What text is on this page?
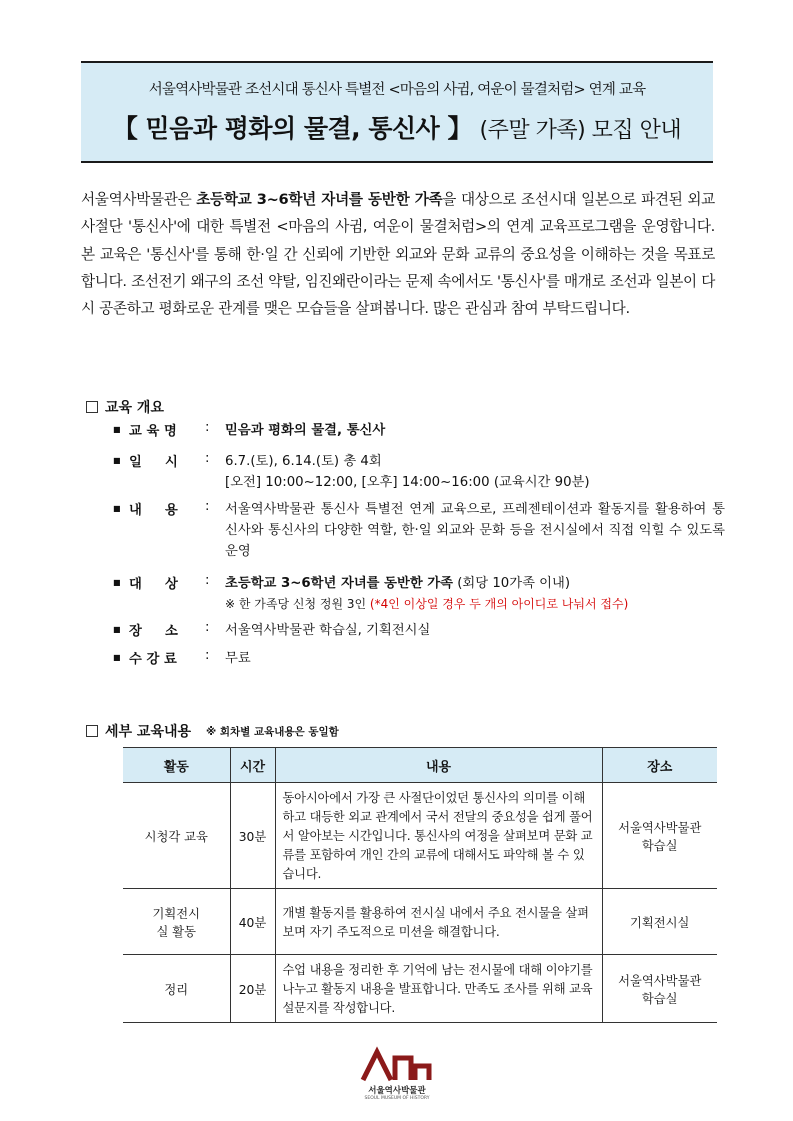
서울역사박물관 조선시대 통신사 특별전 <마음의 사귐, 여운이 물결처럼> 연계 교육
【 믿음과 평화의 물결, 통신사 】 (주말 가족) 모집 안내
서울역사박물관은 초등학교 3~6학년 자녀를 동반한 가족을 대상으로 조선시대 일본으로 파견된 외교 사절단 '통신사'에 대한 특별전 <마음의 사귐, 여운이 물결처럼>의 연계 교육프로그램을 운영합니다. 본 교육은 '통신사'를 통해 한·일 간 신뢰에 기반한 외교와 문화 교류의 중요성을 이해하는 것을 목표로 합니다. 조선전기 왜구의 조선 약탈, 임진왜란이라는 문제 속에서도 '통신사'를 매개로 조선과 일본이 다시 공존하고 평화로운 관계를 맺은 모습들을 살펴봅니다. 많은 관심과 참여 부탁드립니다.
교육 개요
■ 교 육 명	:	믿음과 평화의 물결, 통신사
■ 일     시	:	6.7.(토), 6.14.(토) 총 4회
[오전] 10:00~12:00, [오후] 14:00~16:00 (교육시간 90분)
■ 내     용	:	서울역사박물관 통신사 특별전 연계 교육으로, 프레젠테이션과 활동지를 활용하여 통신사와 통신사의 다양한 역할, 한·일 외교와 문화 등을 전시실에서 직접 익힐 수 있도록 운영
■ 대     상	:	초등학교 3~6학년 자녀를 동반한 가족 (회당 10가족 이내)
※ 한 가족당 신청 정원 3인 (*4인 이상일 경우 두 개의 아이디로 나눠서 접수)
■ 장     소	:	서울역사박물관 학습실, 기획전시실
■ 수 강 료	:	무료
세부 교육내용 ※ 회차별 교육내용은 동일함
활동	시간	내용	장소
시청각 교육	30분	동아시아에서 가장 큰 사절단이었던 통신사의 의미를 이해하고 대등한 외교 관계에서 국서 전달의 중요성을 쉽게 풀어서 알아보는 시간입니다. 통신사의 여정을 살펴보며 문화 교류를 포함하여 개인 간의 교류에 대해서도 파악해 볼 수 있습니다.	서울역사박물관 학습실
기획전시실 활동	40분	개별 활동지를 활용하여 전시실 내에서 주요 전시물을 살펴보며 자기 주도적으로 미션을 해결합니다.	기획전시실
정리	20분	수업 내용을 정리한 후 기억에 남는 전시물에 대해 이야기를 나누고 활동지 내용을 발표합니다. 만족도 조사를 위해 교육설문지를 작성합니다.	서울역사박물관 학습실
서울역사박물관
SEOUL MUSEUM OF HISTORY
